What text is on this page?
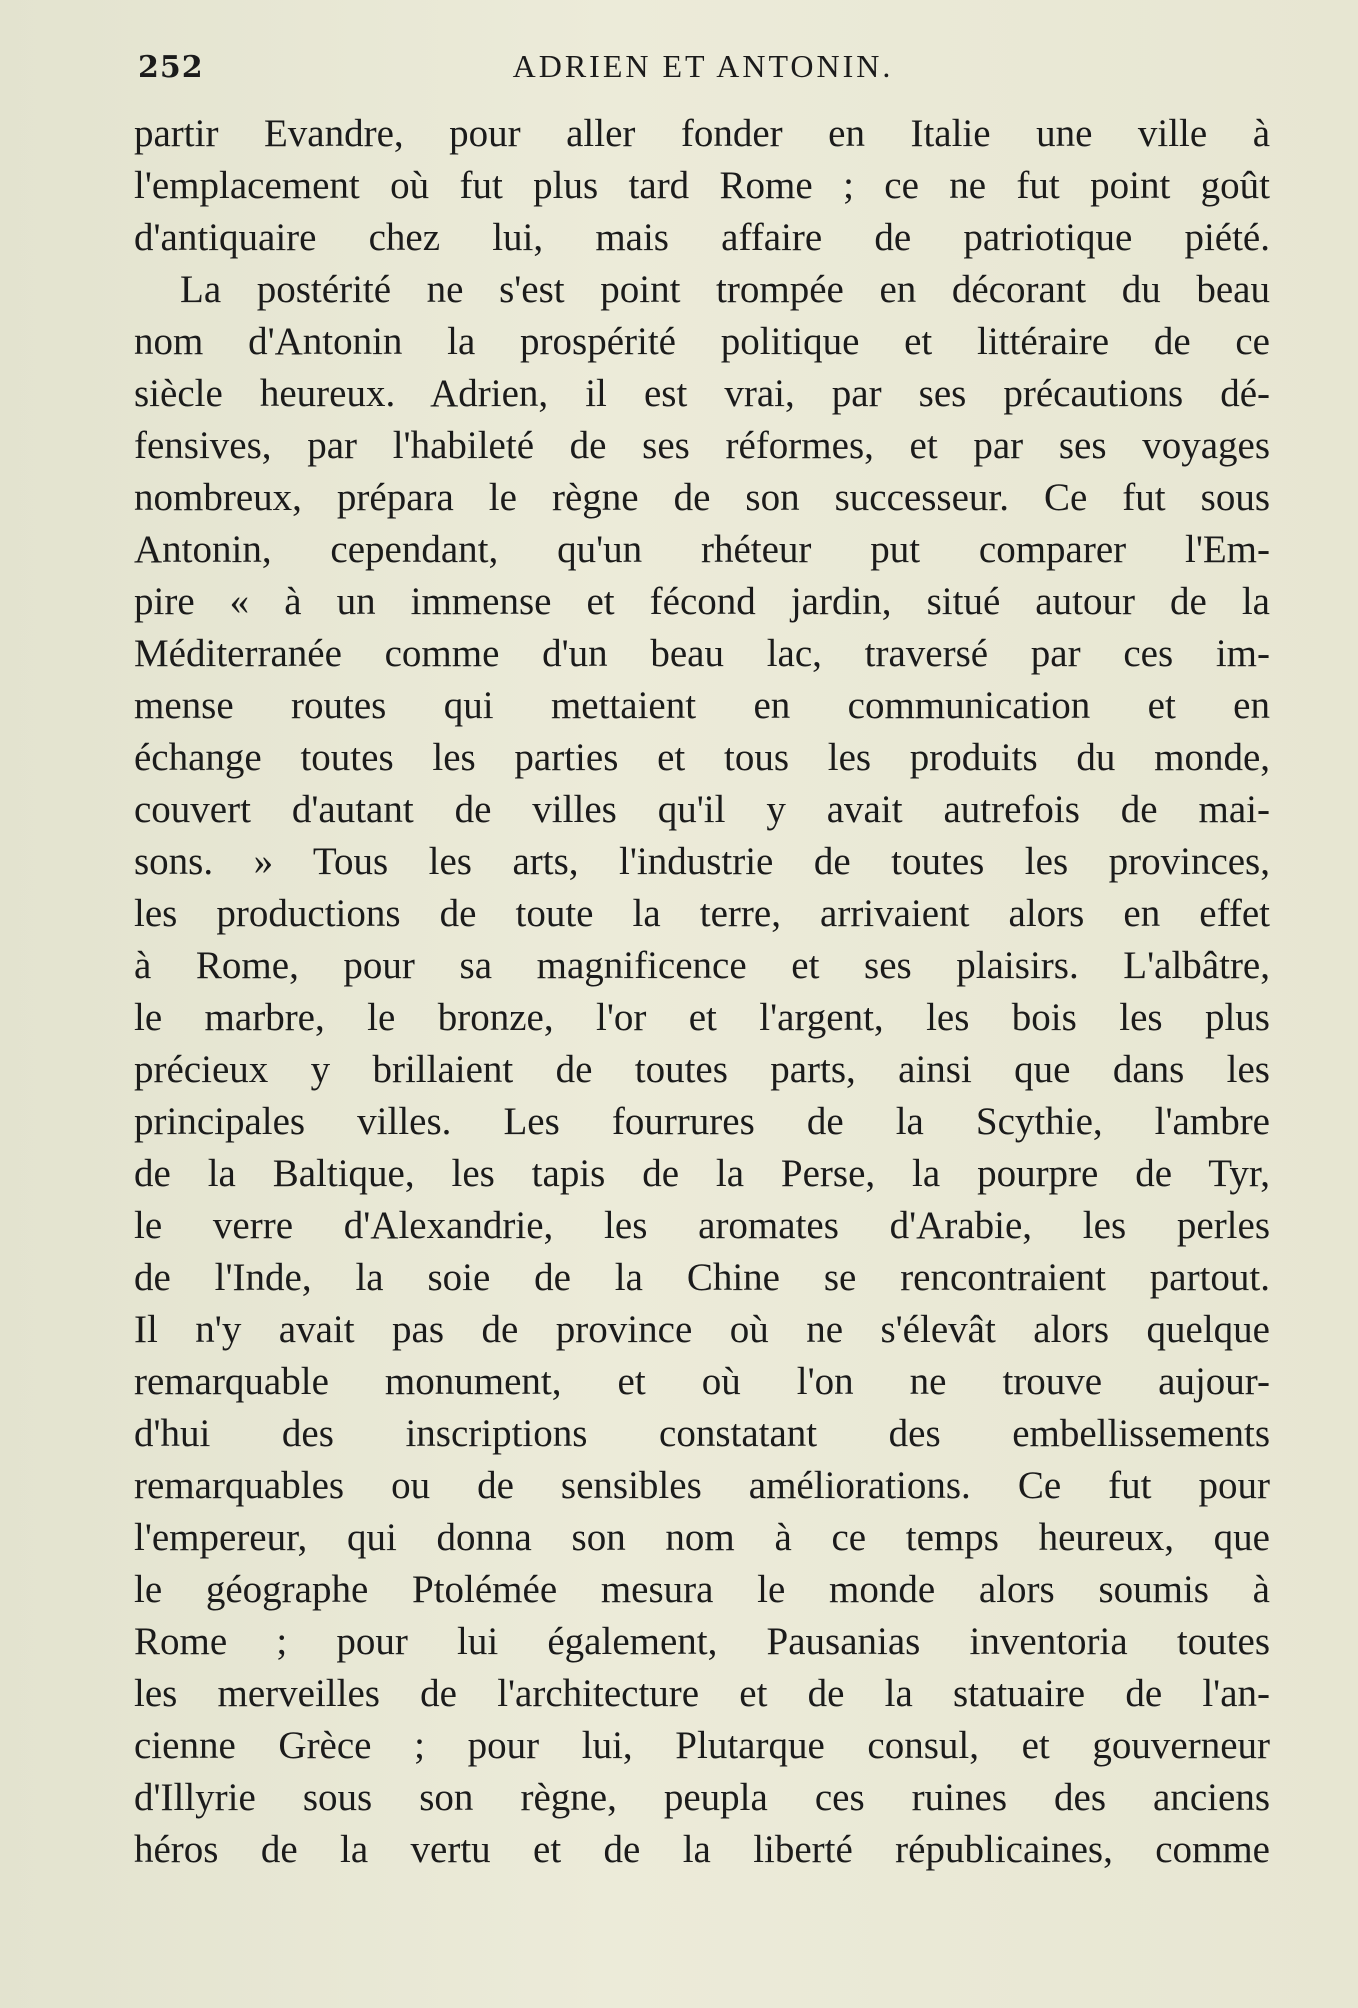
252	ADRIEN ET ANTONIN.
partir Evandre, pour aller fonder en Italie une ville à
l'emplacement où fut plus tard Rome ; ce ne fut point goût
d'antiquaire chez lui, mais affaire de patriotique piété.
La postérité ne s'est point trompée en décorant du beau
nom d'Antonin la prospérité politique et littéraire de ce
siècle heureux. Adrien, il est vrai, par ses précautions dé-
fensives, par l'habileté de ses réformes, et par ses voyages
nombreux, prépara le règne de son successeur. Ce fut sous
Antonin, cependant, qu'un rhéteur put comparer l'Em-
pire « à un immense et fécond jardin, situé autour de la
Méditerranée comme d'un beau lac, traversé par ces im-
mense routes qui mettaient en communication et en
échange toutes les parties et tous les produits du monde,
couvert d'autant de villes qu'il y avait autrefois de mai-
sons. » Tous les arts, l'industrie de toutes les provinces,
les productions de toute la terre, arrivaient alors en effet
à Rome, pour sa magnificence et ses plaisirs. L'albâtre,
le marbre, le bronze, l'or et l'argent, les bois les plus
précieux y brillaient de toutes parts, ainsi que dans les
principales villes. Les fourrures de la Scythie, l'ambre
de la Baltique, les tapis de la Perse, la pourpre de Tyr,
le verre d'Alexandrie, les aromates d'Arabie, les perles
de l'Inde, la soie de la Chine se rencontraient partout.
Il n'y avait pas de province où ne s'élevât alors quelque
remarquable monument, et où l'on ne trouve aujour-
d'hui des inscriptions constatant des embellissements
remarquables ou de sensibles améliorations. Ce fut pour
l'empereur, qui donna son nom à ce temps heureux, que
le géographe Ptolémée mesura le monde alors soumis à
Rome ; pour lui également, Pausanias inventoria toutes
les merveilles de l'architecture et de la statuaire de l'an-
cienne Grèce ; pour lui, Plutarque consul, et gouverneur
d'Illyrie sous son règne, peupla ces ruines des anciens
héros de la vertu et de la liberté républicaines, comme
